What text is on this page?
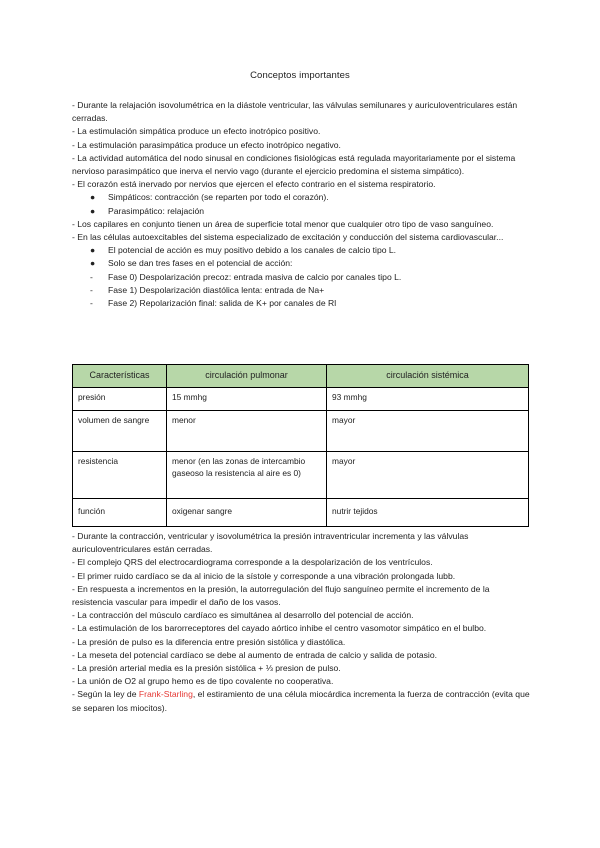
Conceptos importantes

- Durante la relajación isovolumétrica en la diástole ventricular, las válvulas semilunares y auriculoventriculares están cerradas.

- La estimulación simpática produce un efecto inotrópico positivo.

- La estimulación parasimpática produce un efecto inotrópico negativo.

- La actividad automática del nodo sinusal en condiciones fisiológicas está regulada mayoritariamente por el sistema nervioso parasimpático que inerva el nervio vago (durante el ejercicio predomina el sistema simpático).

- El corazón está inervado por nervios que ejercen el efecto contrario en el sistema respiratorio.

●	Simpáticos: contracción (se reparten por todo el corazón).
●	Parasimpático: relajación

- Los capilares en conjunto tienen un área de superficie total menor que cualquier otro tipo de vaso sanguíneo.

- En las células autoexcitables del sistema especializado de excitación y conducción del sistema cardiovascular...

●	El potencial de acción es muy positivo debido a los canales de calcio tipo L.
●	Solo se dan tres fases en el potencial de acción:
-	Fase 0) Despolarización precoz: entrada masiva de calcio por canales tipo L.
-	Fase 1) Despolarización diastólica lenta: entrada de Na+
-	Fase 2) Repolarización final: salida de K+ por canales de Rl
Características	circulación pulmonar	circulación sistémica
presión	15 mmhg	93 mmhg
volumen de sangre	menor	mayor
resistencia	menor (en las zonas de intercambio gaseoso la resistencia al aire es 0)	mayor
función	oxigenar sangre	nutrir tejidos

- Durante la contracción, ventricular y isovolumétrica la presión intraventricular incrementa y las válvulas auriculoventriculares están cerradas.

- El complejo QRS del electrocardiograma corresponde a la despolarización de los ventrículos.

- El primer ruido cardíaco se da al inicio de la sístole y corresponde a una vibración prolongada lubb.

- En respuesta a incrementos en la presión, la autorregulación del flujo sanguíneo permite el incremento de la resistencia vascular para impedir el daño de los vasos.

- La contracción del músculo cardíaco es simultánea al desarrollo del potencial de acción.

- La estimulación de los barorreceptores del cayado aórtico inhibe el centro vasomotor simpático en el bulbo.

- La presión de pulso es la diferencia entre presión sistólica y diastólica.

- La meseta del potencial cardíaco se debe al aumento de entrada de calcio y salida de potasio.

- La presión arterial media es la presión sistólica + ⅓ presion de pulso.

- La unión de O2 al grupo hemo es de tipo covalente no cooperativa.

- Según la ley de Frank-Starling, el estiramiento de una célula miocárdica incrementa la fuerza de contracción (evita que se separen los miocitos).
